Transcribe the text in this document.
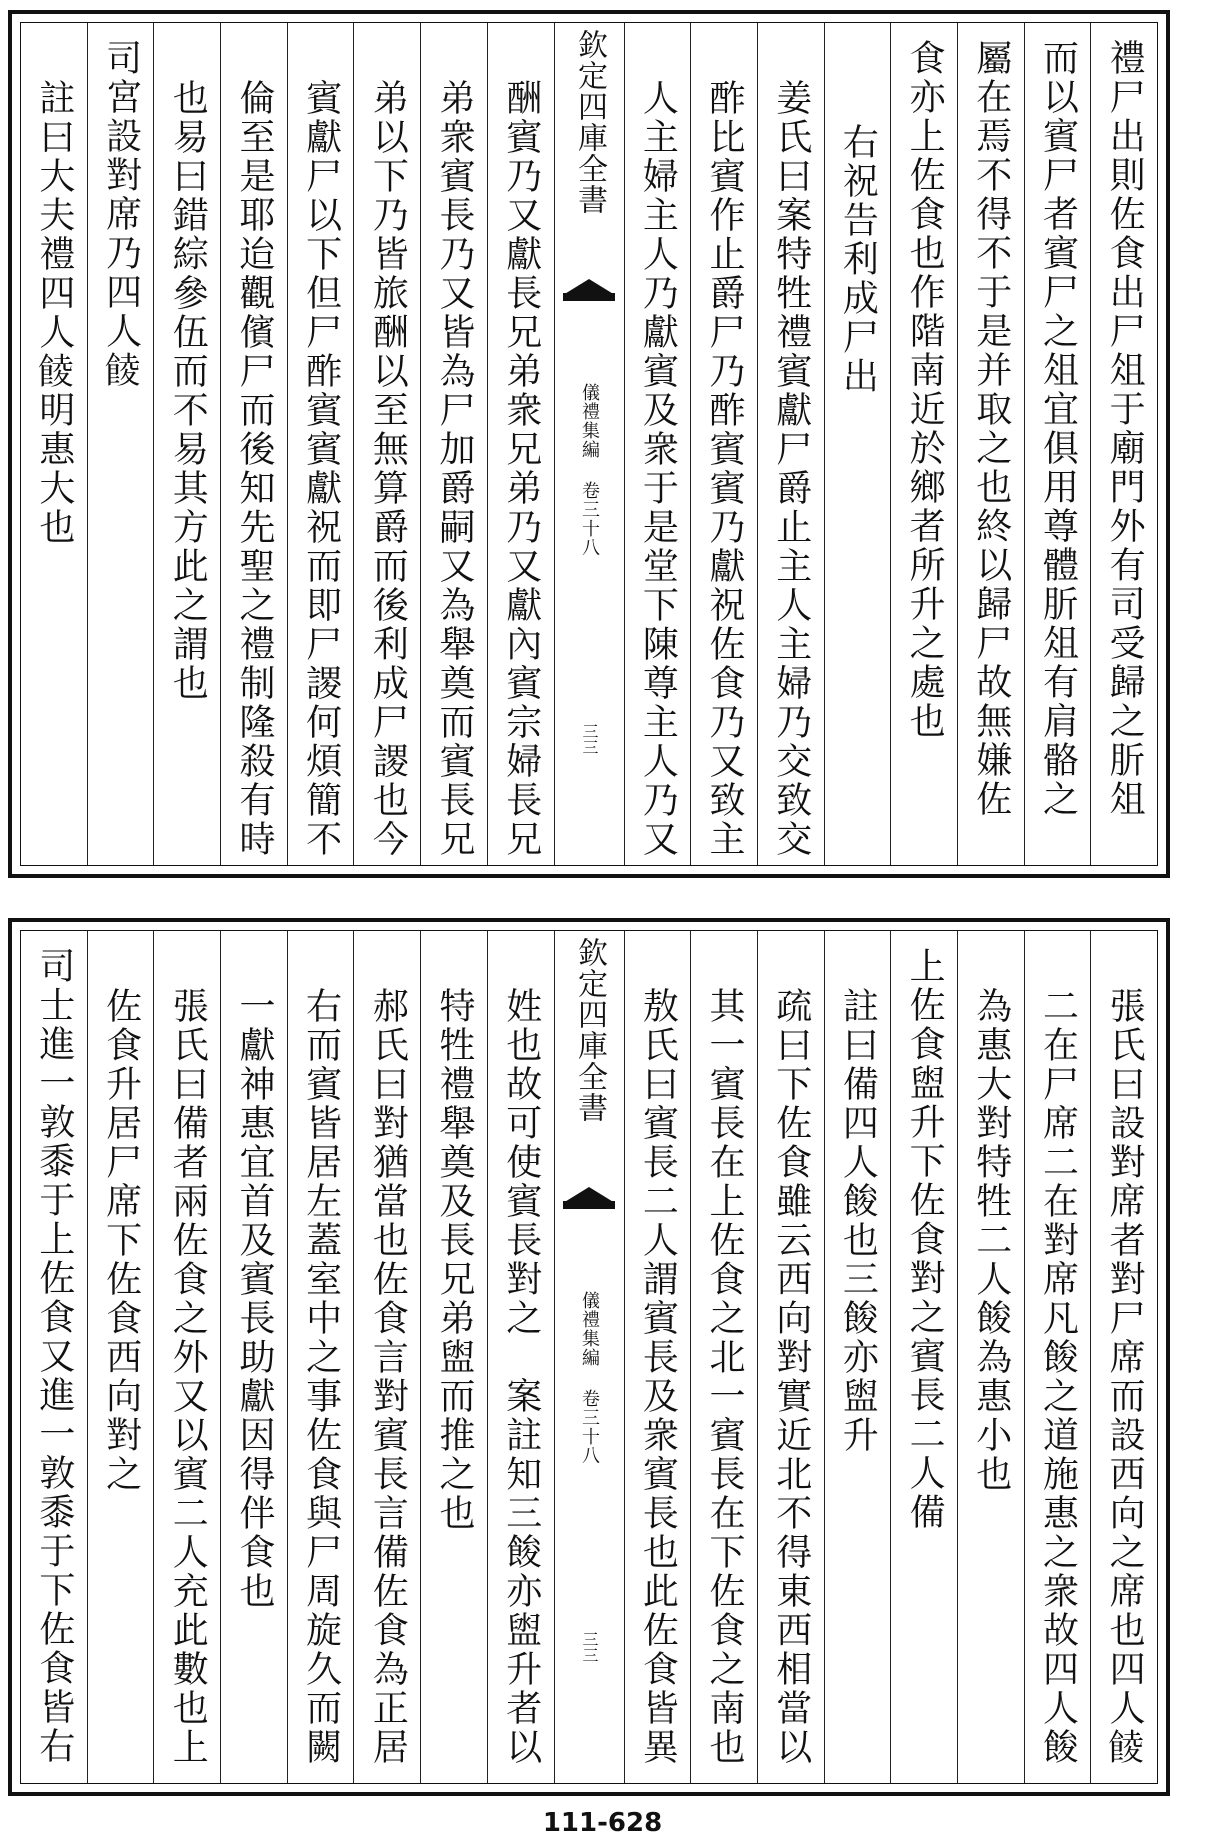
禮尸出則佐食出尸俎于廟門外有司受歸之肵俎
而以賓尸者賓尸之俎宜俱用尊體肵俎有肩骼之
屬在焉不得不于是并取之也終以歸尸故無嫌佐
食亦上佐食也作階南近於鄉者所升之處也
右祝告利成尸出
姜氏曰案特牲禮賓獻尸爵止主人主婦乃交致交
酢比賓作止爵尸乃酢賓賓乃獻祝佐食乃又致主
人主婦主人乃獻賓及衆于是堂下陳尊主人乃又
欽定四庫全書
儀禮集編 卷三十八
三三
酬賓乃又獻長兄弟衆兄弟乃又獻內賓宗婦長兄
弟衆賓長乃又皆為尸加爵嗣又為舉奠而賓長兄
弟以下乃皆旅酬以至無算爵而後利成尸謖也今
賓獻尸以下但尸酢賓賓獻祝而即尸謖何煩簡不
倫至是耶迨觀儐尸而後知先聖之禮制隆殺有時
也易曰錯綜參伍而不易其方此之謂也
司宮設對席乃四人𩜁
註曰大夫禮四人𩜁明惠大也
張氏曰設對席者對尸席而設西向之席也四人𩜁
二在尸席二在對席凡餕之道施惠之衆故四人餕
為惠大對特牲二人餕為惠小也
上佐食盥升下佐食對之賓長二人備
註曰備四人餕也三餕亦盥升
疏曰下佐食雖云西向對實近北不得東西相當以
其一賓長在上佐食之北一賓長在下佐食之南也
敖氏曰賓長二人謂賓長及衆賓長也此佐食皆異
欽定四庫全書
儀禮集編 卷三十八
三三
姓也故可使賓長對之　案註知三餕亦盥升者以
特牲禮舉奠及長兄弟盥而推之也
郝氏曰對猶當也佐食言對賓長言備佐食為正居
右而賓皆居左蓋室中之事佐食與尸周旋久而闕
一獻神惠宜首及賓長助獻因得伴食也
張氏曰備者兩佐食之外又以賓二人充此數也上
佐食升居尸席下佐食西向對之
司士進一敦黍于上佐食又進一敦黍于下佐食皆右
111-628
